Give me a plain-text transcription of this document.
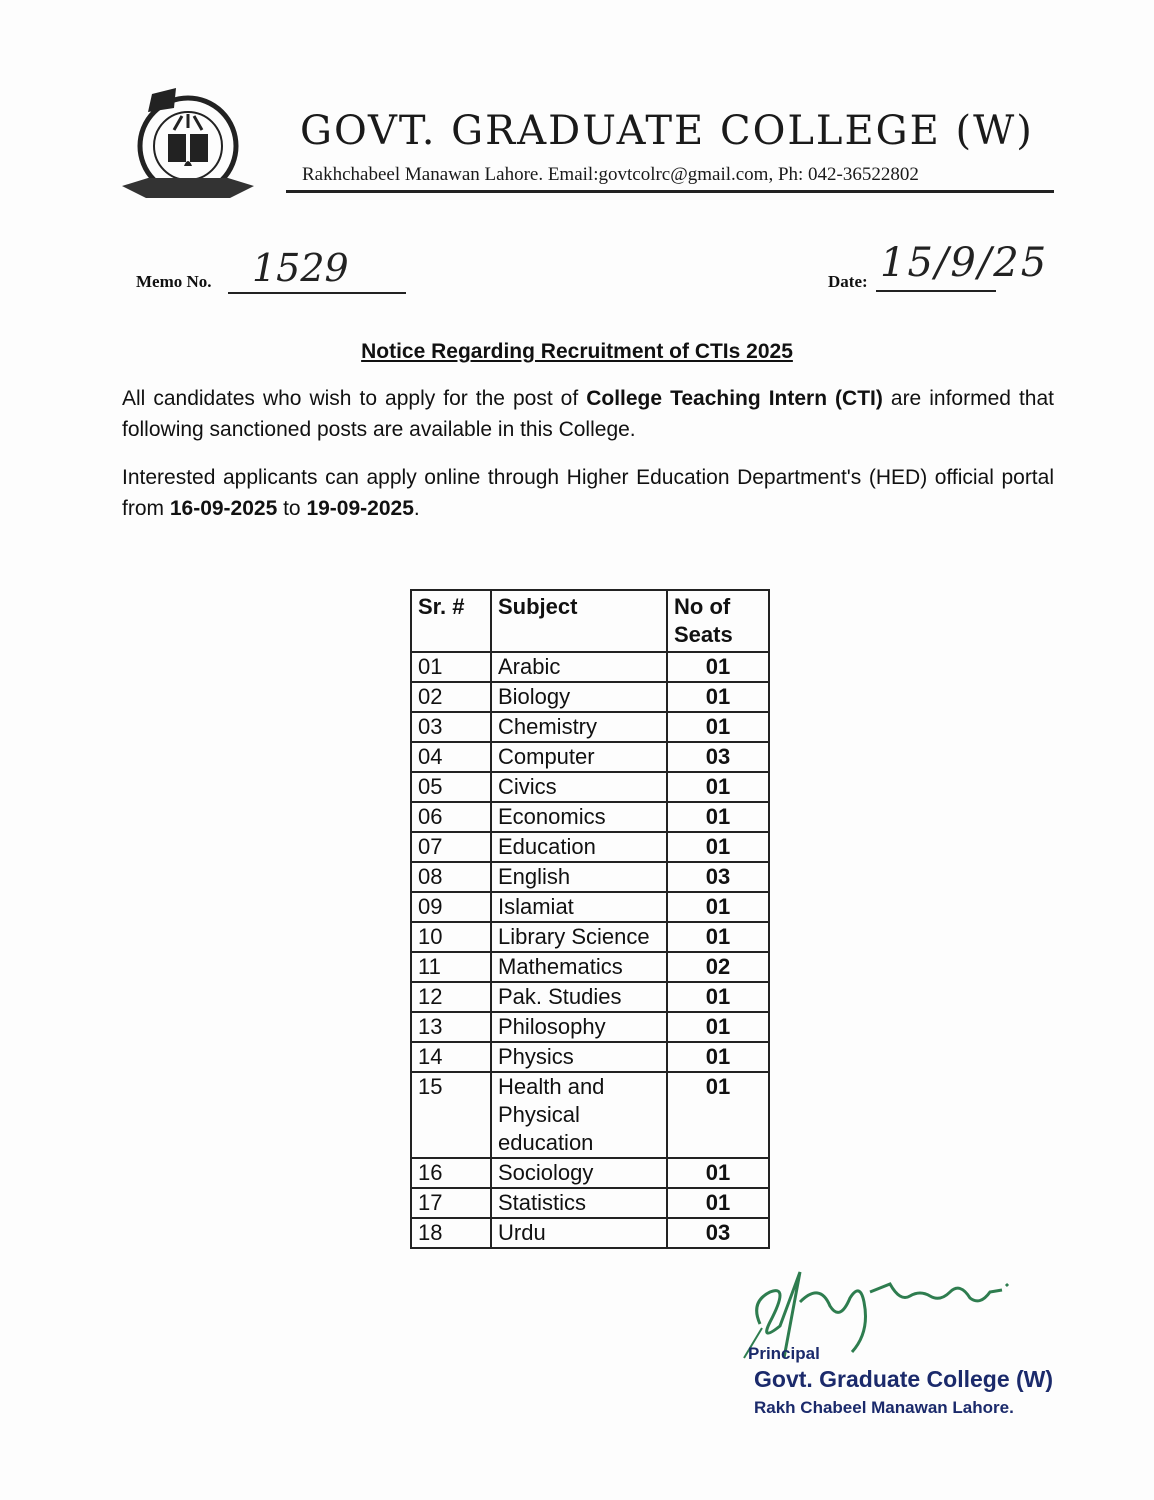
GOVT. GRADUATE COLLEGE (W)
Rakhchabeel Manawan Lahore. Email:govtcolrc@gmail.com, Ph: 042-36522802
Memo No. 1529	Date: 15/9/25
Notice Regarding Recruitment of CTIs 2025
All candidates who wish to apply for the post of College Teaching Intern (CTI) are informed that following sanctioned posts are available in this College.
Interested applicants can apply online through Higher Education Department's (HED) official portal from 16-09-2025 to 19-09-2025.
Sr. #	Subject	No of Seats
01	Arabic	01
02	Biology	01
03	Chemistry	01
04	Computer	03
05	Civics	01
06	Economics	01
07	Education	01
08	English	03
09	Islamiat	01
10	Library Science	01
11	Mathematics	02
12	Pak. Studies	01
13	Philosophy	01
14	Physics	01
15	Health and Physical education	01
16	Sociology	01
17	Statistics	01
18	Urdu	03
Principal
Govt. Graduate College (W)
Rakh Chabeel Manawan Lahore.
